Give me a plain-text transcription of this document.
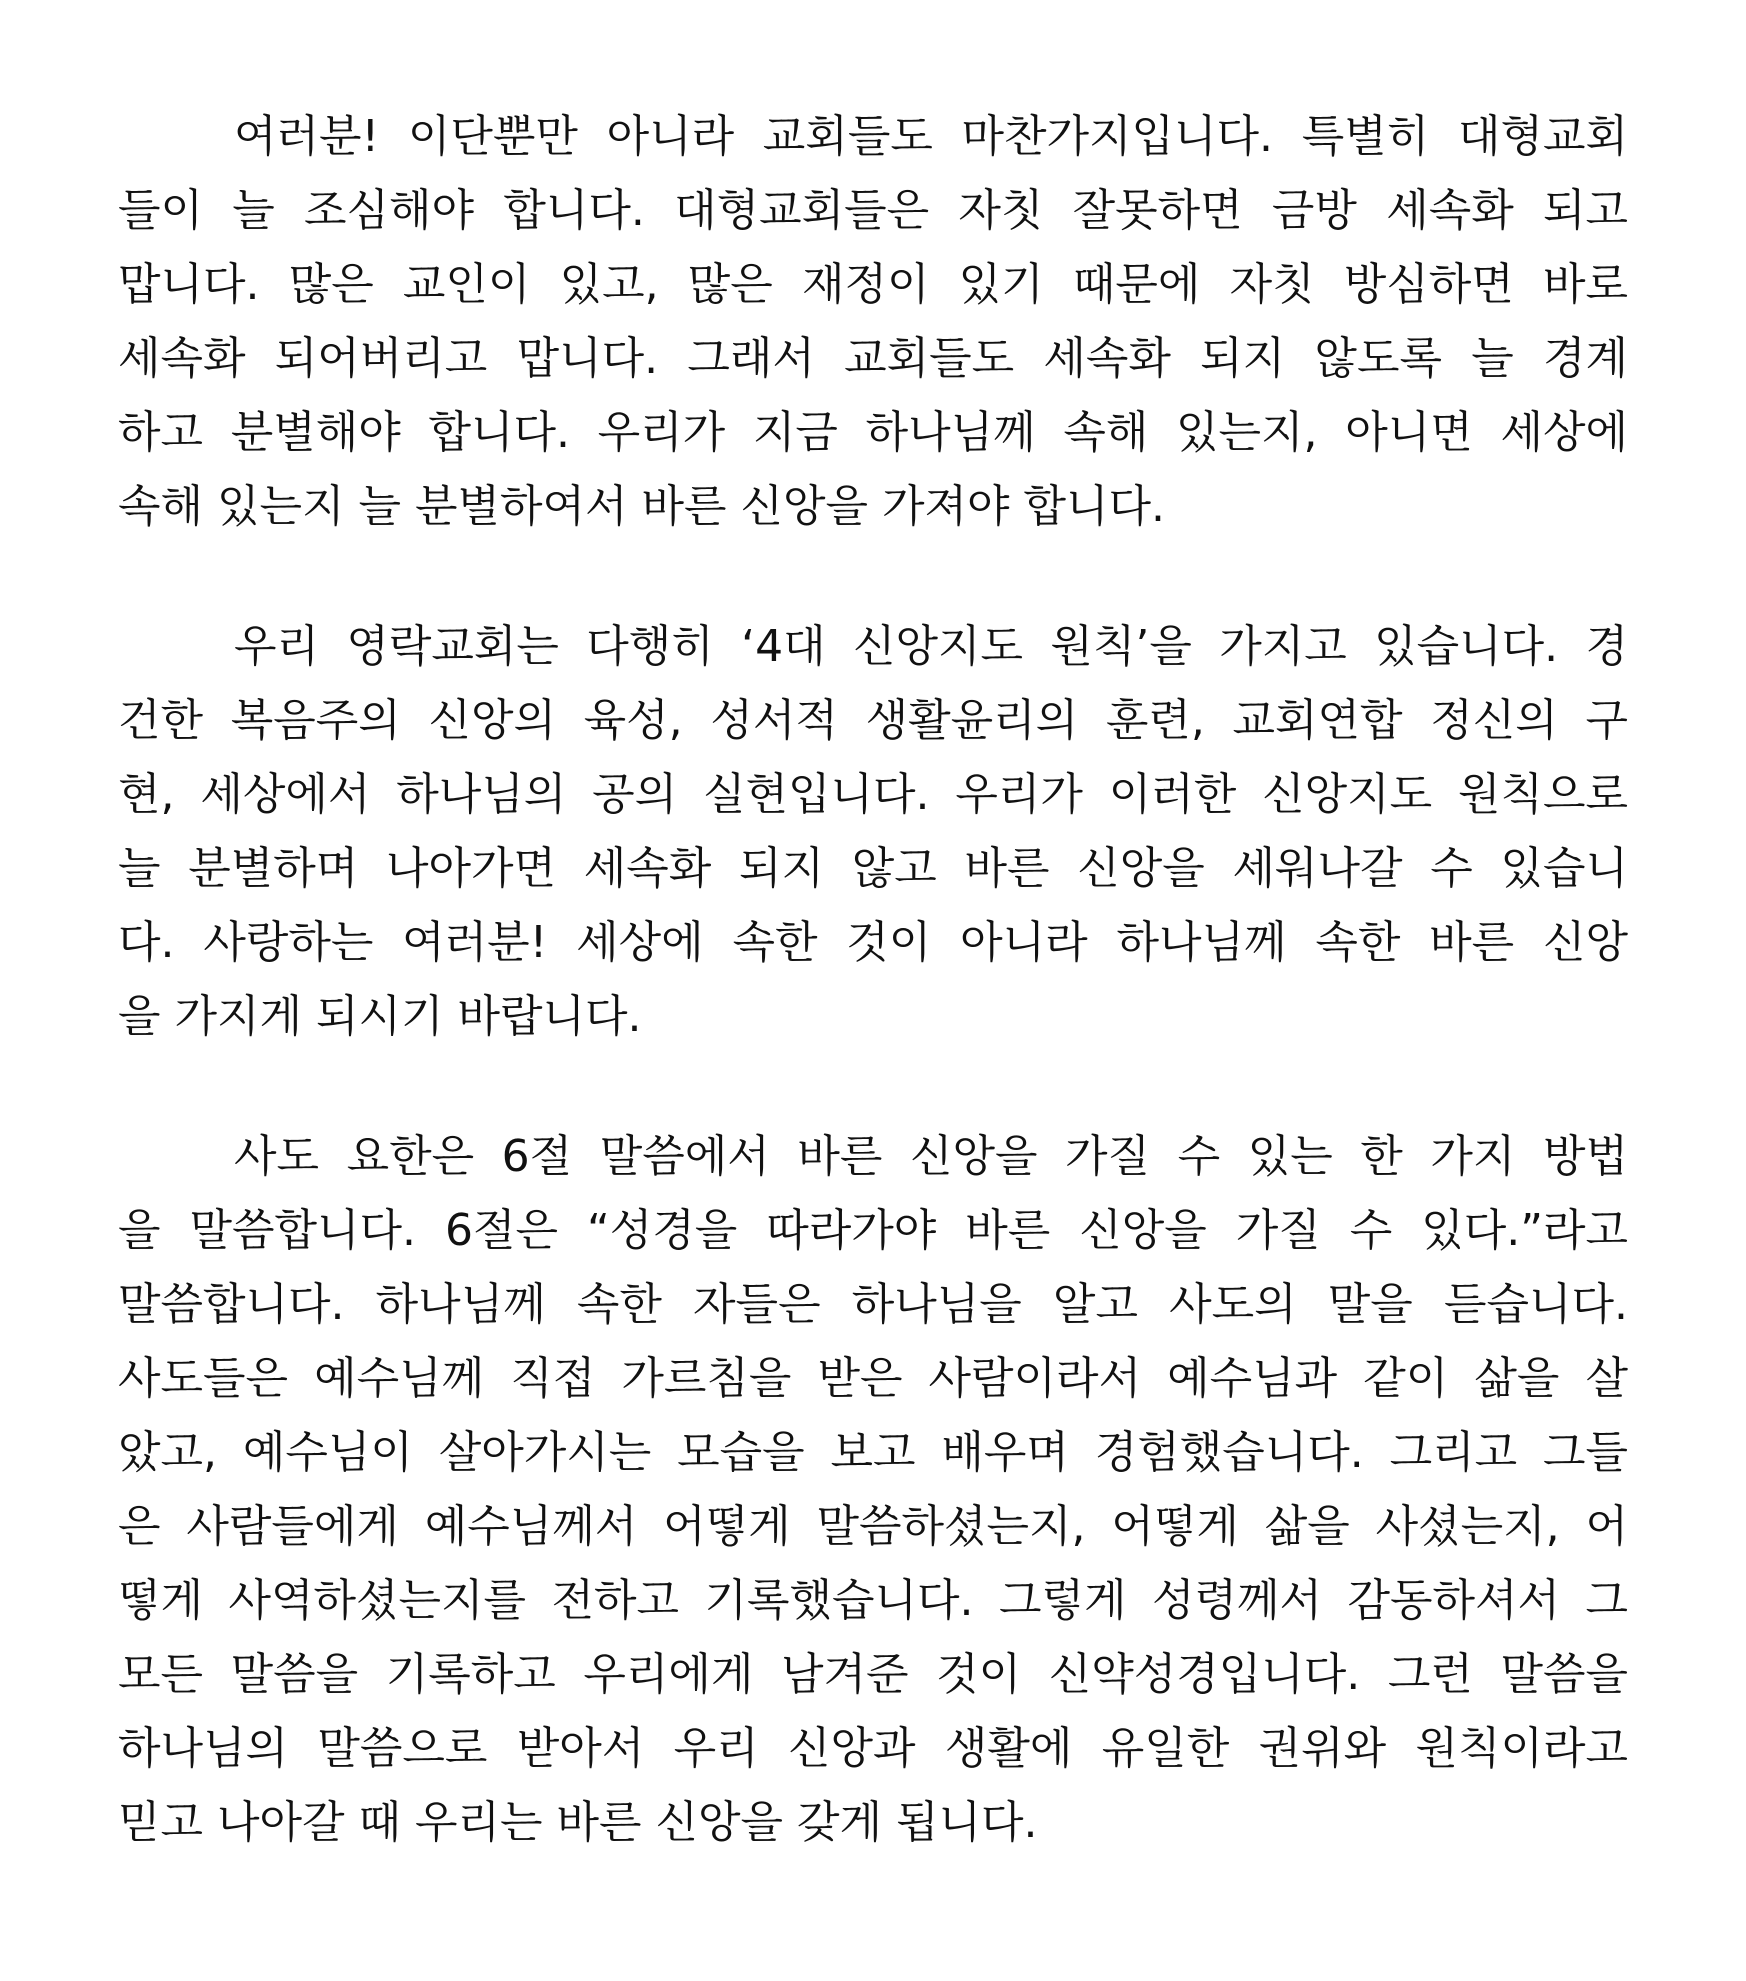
여러분! 이단뿐만 아니라 교회들도 마찬가지입니다. 특별히 대형교회
들이 늘 조심해야 합니다. 대형교회들은 자칫 잘못하면 금방 세속화 되고
맙니다. 많은 교인이 있고, 많은 재정이 있기 때문에 자칫 방심하면 바로
세속화 되어버리고 맙니다. 그래서 교회들도 세속화 되지 않도록 늘 경계
하고 분별해야 합니다. 우리가 지금 하나님께 속해 있는지, 아니면 세상에
속해 있는지 늘 분별하여서 바른 신앙을 가져야 합니다.
우리 영락교회는 다행히 ‘4대 신앙지도 원칙’을 가지고 있습니다. 경
건한 복음주의 신앙의 육성, 성서적 생활윤리의 훈련, 교회연합 정신의 구
현, 세상에서 하나님의 공의 실현입니다. 우리가 이러한 신앙지도 원칙으로
늘 분별하며 나아가면 세속화 되지 않고 바른 신앙을 세워나갈 수 있습니
다. 사랑하는 여러분! 세상에 속한 것이 아니라 하나님께 속한 바른 신앙
을 가지게 되시기 바랍니다.
사도 요한은 6절 말씀에서 바른 신앙을 가질 수 있는 한 가지 방법
을 말씀합니다. 6절은 “성경을 따라가야 바른 신앙을 가질 수 있다.”라고
말씀합니다. 하나님께 속한 자들은 하나님을 알고 사도의 말을 듣습니다.
사도들은 예수님께 직접 가르침을 받은 사람이라서 예수님과 같이 삶을 살
았고, 예수님이 살아가시는 모습을 보고 배우며 경험했습니다. 그리고 그들
은 사람들에게 예수님께서 어떻게 말씀하셨는지, 어떻게 삶을 사셨는지, 어
떻게 사역하셨는지를 전하고 기록했습니다. 그렇게 성령께서 감동하셔서 그
모든 말씀을 기록하고 우리에게 남겨준 것이 신약성경입니다. 그런 말씀을
하나님의 말씀으로 받아서 우리 신앙과 생활에 유일한 권위와 원칙이라고
믿고 나아갈 때 우리는 바른 신앙을 갖게 됩니다.
